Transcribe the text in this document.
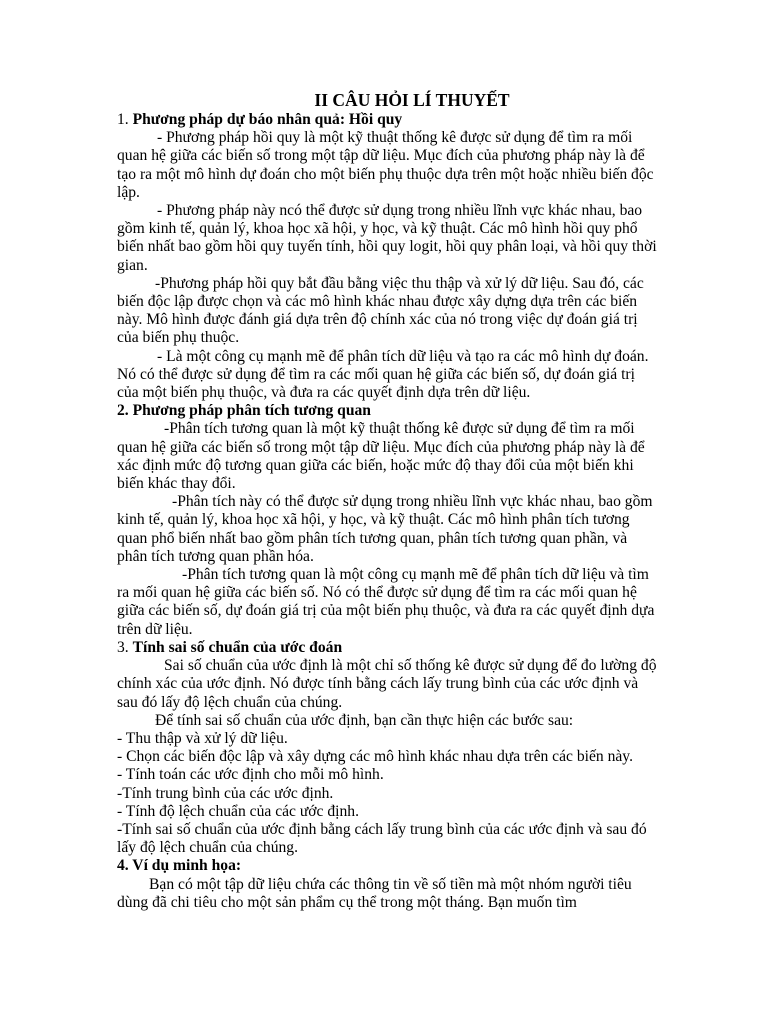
II CÂU HỎI LÍ THUYẾT
1. Phương pháp dự báo nhân quả: Hồi quy

- Phương pháp hồi quy là một kỹ thuật thống kê được sử dụng để tìm ra mối quan hệ giữa các biến số trong một tập dữ liệu. Mục đích của phương pháp này là để tạo ra một mô hình dự đoán cho một biến phụ thuộc dựa trên một hoặc nhiều biến độc lập.

- Phương pháp này ncó thể được sử dụng trong nhiều lĩnh vực khác nhau, bao gồm kinh tế, quản lý, khoa học xã hội, y học, và kỹ thuật. Các mô hình hồi quy phổ biến nhất bao gồm hồi quy tuyến tính, hồi quy logit, hồi quy phân loại, và hồi quy thời gian.

-Phương pháp hồi quy bắt đầu bằng việc thu thập và xử lý dữ liệu. Sau đó, các biến độc lập được chọn và các mô hình khác nhau được xây dựng dựa trên các biến này. Mô hình được đánh giá dựa trên độ chính xác của nó trong việc dự đoán giá trị của biến phụ thuộc.

- Là một công cụ mạnh mẽ để phân tích dữ liệu và tạo ra các mô hình dự đoán. Nó có thể được sử dụng để tìm ra các mối quan hệ giữa các biến số, dự đoán giá trị của một biến phụ thuộc, và đưa ra các quyết định dựa trên dữ liệu.

2. Phương pháp phân tích tương quan

-Phân tích tương quan là một kỹ thuật thống kê được sử dụng để tìm ra mối quan hệ giữa các biến số trong một tập dữ liệu. Mục đích của phương pháp này là để xác định mức độ tương quan giữa các biến, hoặc mức độ thay đổi của một biến khi biến khác thay đổi.

-Phân tích này có thể được sử dụng trong nhiều lĩnh vực khác nhau, bao gồm kinh tế, quản lý, khoa học xã hội, y học, và kỹ thuật. Các mô hình phân tích tương quan phổ biến nhất bao gồm phân tích tương quan, phân tích tương quan phần, và phân tích tương quan phần hóa.

-Phân tích tương quan là một công cụ mạnh mẽ để phân tích dữ liệu và tìm ra mối quan hệ giữa các biến số. Nó có thể được sử dụng để tìm ra các mối quan hệ giữa các biến số, dự đoán giá trị của một biến phụ thuộc, và đưa ra các quyết định dựa trên dữ liệu.

3. Tính sai số chuẩn của ước đoán

Sai số chuẩn của ước định là một chỉ số thống kê được sử dụng để đo lường độ chính xác của ước định. Nó được tính bằng cách lấy trung bình của các ước định và sau đó lấy độ lệch chuẩn của chúng.

Để tính sai số chuẩn của ước định, bạn cần thực hiện các bước sau:

- Thu thập và xử lý dữ liệu.

- Chọn các biến độc lập và xây dựng các mô hình khác nhau dựa trên các biến này.

- Tính toán các ước định cho mỗi mô hình.

-Tính trung bình của các ước định.

- Tính độ lệch chuẩn của các ước định.

-Tính sai số chuẩn của ước định bằng cách lấy trung bình của các ước định và sau đó lấy độ lệch chuẩn của chúng.

4. Ví dụ minh họa:

Bạn có một tập dữ liệu chứa các thông tin về số tiền mà một nhóm người tiêu dùng đã chi tiêu cho một sản phẩm cụ thể trong một tháng. Bạn muốn tìm
